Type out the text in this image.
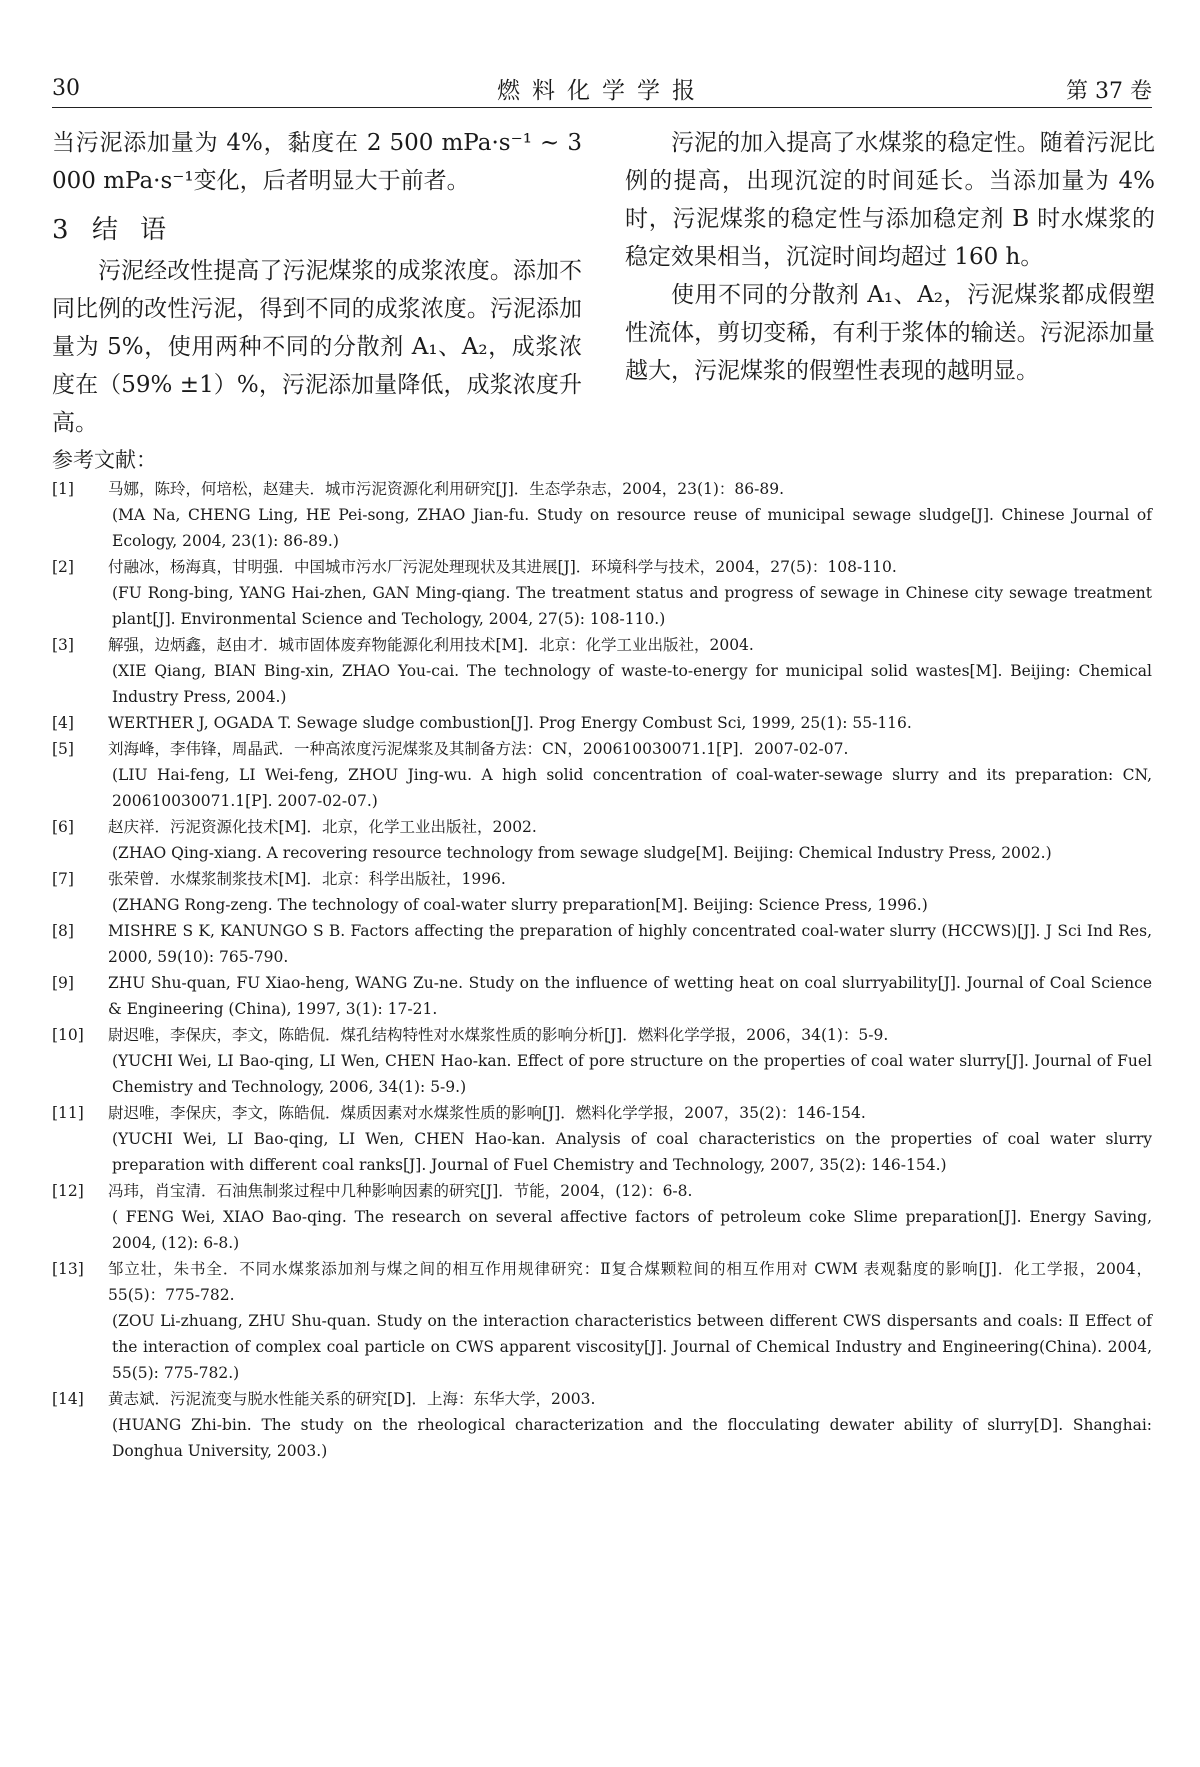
30	燃料化学学报	第 37 卷

当污泥添加量为 4%，黏度在 2 500 mPa·s⁻¹ ~ 3 000 mPa·s⁻¹变化，后者明显大于前者。

3 结语

污泥经改性提高了污泥煤浆的成浆浓度。添加不同比例的改性污泥，得到不同的成浆浓度。污泥添加量为 5%，使用两种不同的分散剂 A₁、A₂，成浆浓度在（59% ±1）%，污泥添加量降低，成浆浓度升高。

污泥的加入提高了水煤浆的稳定性。随着污泥比例的提高，出现沉淀的时间延长。当添加量为 4% 时，污泥煤浆的稳定性与添加稳定剂 B 时水煤浆的稳定效果相当，沉淀时间均超过 160 h。

使用不同的分散剂 A₁、A₂，污泥煤浆都成假塑性流体，剪切变稀，有利于浆体的输送。污泥添加量越大，污泥煤浆的假塑性表现的越明显。

参考文献：
[1] 马娜，陈玲，何培松，赵建夫．城市污泥资源化利用研究[J]．生态学杂志，2004，23(1)：86-89.
(MA Na, CHENG Ling, HE Pei-song, ZHAO Jian-fu. Study on resource reuse of municipal sewage sludge[J]. Chinese Journal of Ecology, 2004, 23(1): 86-89.)
[2] 付融冰，杨海真，甘明强．中国城市污水厂污泥处理现状及其进展[J]．环境科学与技术，2004，27(5)：108-110.
(FU Rong-bing, YANG Hai-zhen, GAN Ming-qiang. The treatment status and progress of sewage in Chinese city sewage treatment plant[J]. Environmental Science and Techology, 2004, 27(5): 108-110.)
[3] 解强，边炳鑫，赵由才．城市固体废弃物能源化利用技术[M]．北京：化学工业出版社，2004.
(XIE Qiang, BIAN Bing-xin, ZHAO You-cai. The technology of waste-to-energy for municipal solid wastes[M]. Beijing: Chemical Industry Press, 2004.)
[4] WERTHER J, OGADA T. Sewage sludge combustion[J]. Prog Energy Combust Sci, 1999, 25(1): 55-116.
[5] 刘海峰，李伟锋，周晶武．一种高浓度污泥煤浆及其制备方法：CN，200610030071.1[P]．2007-02-07.
(LIU Hai-feng, LI Wei-feng, ZHOU Jing-wu. A high solid concentration of coal-water-sewage slurry and its preparation: CN, 200610030071.1[P]. 2007-02-07.)
[6] 赵庆祥．污泥资源化技术[M]．北京，化学工业出版社，2002.
(ZHAO Qing-xiang. A recovering resource technology from sewage sludge[M]. Beijing: Chemical Industry Press, 2002.)
[7] 张荣曾．水煤浆制浆技术[M]．北京：科学出版社，1996.
(ZHANG Rong-zeng. The technology of coal-water slurry preparation[M]. Beijing: Science Press, 1996.)
[8] MISHRE S K, KANUNGO S B. Factors affecting the preparation of highly concentrated coal-water slurry (HCCWS)[J]. J Sci Ind Res, 2000, 59(10): 765-790.
[9] ZHU Shu-quan, FU Xiao-heng, WANG Zu-ne. Study on the influence of wetting heat on coal slurryability[J]. Journal of Coal Science & Engineering (China), 1997, 3(1): 17-21.
[10] 尉迟唯，李保庆，李文，陈皓侃．煤孔结构特性对水煤浆性质的影响分析[J]．燃料化学学报，2006，34(1)：5-9.
(YUCHI Wei, LI Bao-qing, LI Wen, CHEN Hao-kan. Effect of pore structure on the properties of coal water slurry[J]. Journal of Fuel Chemistry and Technology, 2006, 34(1): 5-9.)
[11] 尉迟唯，李保庆，李文，陈皓侃．煤质因素对水煤浆性质的影响[J]．燃料化学学报，2007，35(2)：146-154.
(YUCHI Wei, LI Bao-qing, LI Wen, CHEN Hao-kan. Analysis of coal characteristics on the properties of coal water slurry preparation with different coal ranks[J]. Journal of Fuel Chemistry and Technology, 2007, 35(2): 146-154.)
[12] 冯玮，肖宝清．石油焦制浆过程中几种影响因素的研究[J]．节能，2004，(12)：6-8.
( FENG Wei, XIAO Bao-qing. The research on several affective factors of petroleum coke Slime preparation[J]. Energy Saving, 2004, (12): 6-8.)
[13] 邹立壮，朱书全．不同水煤浆添加剂与煤之间的相互作用规律研究：Ⅱ复合煤颗粒间的相互作用对 CWM 表观黏度的影响[J]．化工学报，2004，55(5)：775-782.
(ZOU Li-zhuang, ZHU Shu-quan. Study on the interaction characteristics between different CWS dispersants and coals: Ⅱ Effect of the interaction of complex coal particle on CWS apparent viscosity[J]. Journal of Chemical Industry and Engineering(China). 2004, 55(5): 775-782.)
[14] 黄志斌．污泥流变与脱水性能关系的研究[D]．上海：东华大学，2003.
(HUANG Zhi-bin. The study on the rheological characterization and the flocculating dewater ability of slurry[D]. Shanghai: Donghua University, 2003.)
